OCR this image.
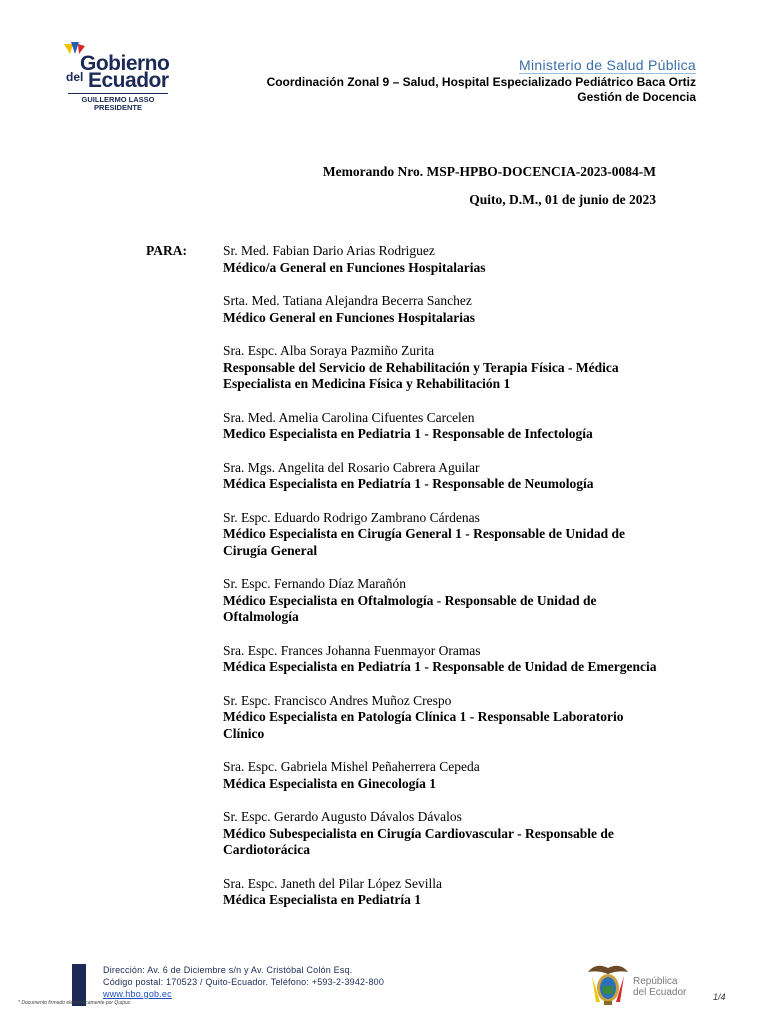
Gobierno
del Ecuador
GUILLERMO LASSO
PRESIDENTE
Ministerio de Salud Pública
Coordinación Zonal 9 – Salud, Hospital Especializado Pediátrico Baca Ortiz
Gestión de Docencia
Memorando Nro. MSP-HPBO-DOCENCIA-2023-0084-M
Quito, D.M., 01 de junio de 2023
PARA:	Sr. Med. Fabian Dario Arias Rodriguez
Médico/a General en Funciones Hospitalarias
Srta. Med. Tatiana Alejandra Becerra Sanchez
Médico General en Funciones Hospitalarias
Sra. Espc. Alba Soraya Pazmiño Zurita
Responsable del Servicio de Rehabilitación y Terapia Física - Médica Especialista en Medicina Física y Rehabilitación 1
Sra. Med. Amelia Carolina Cifuentes Carcelen
Medico Especialista en Pediatria 1 - Responsable de Infectología
Sra. Mgs. Angelita del Rosario Cabrera Aguilar
Médica Especialista en Pediatría 1 - Responsable de Neumología
Sr. Espc. Eduardo Rodrigo Zambrano Cárdenas
Médico Especialista en Cirugía General 1 - Responsable de Unidad de Cirugía General
Sr. Espc. Fernando Díaz Marañón
Médico Especialista en Oftalmología - Responsable de Unidad de Oftalmología
Sra. Espc. Frances Johanna Fuenmayor Oramas
Médica Especialista en Pediatría 1 - Responsable de Unidad de Emergencia
Sr. Espc. Francisco Andres Muñoz Crespo
Médico Especialista en Patología Clínica 1 - Responsable Laboratorio Clínico
Sra. Espc. Gabriela Mishel Peñaherrera Cepeda
Médica Especialista en Ginecología 1
Sr. Espc. Gerardo Augusto Dávalos Dávalos
Médico Subespecialista en Cirugía Cardiovascular - Responsable de Cardiotorácica
Sra. Espc. Janeth del Pilar López Sevilla
Médica Especialista en Pediatría 1
Dirección: Av. 6 de Diciembre s/n y Av. Cristóbal Colón Esq.
Código postal: 170523 / Quito-Ecuador. Teléfono: +593-2-3942-800
www.hbo.gob.ec
* Documento firmado electrónicamente por Quipux
República
del Ecuador	1/4
